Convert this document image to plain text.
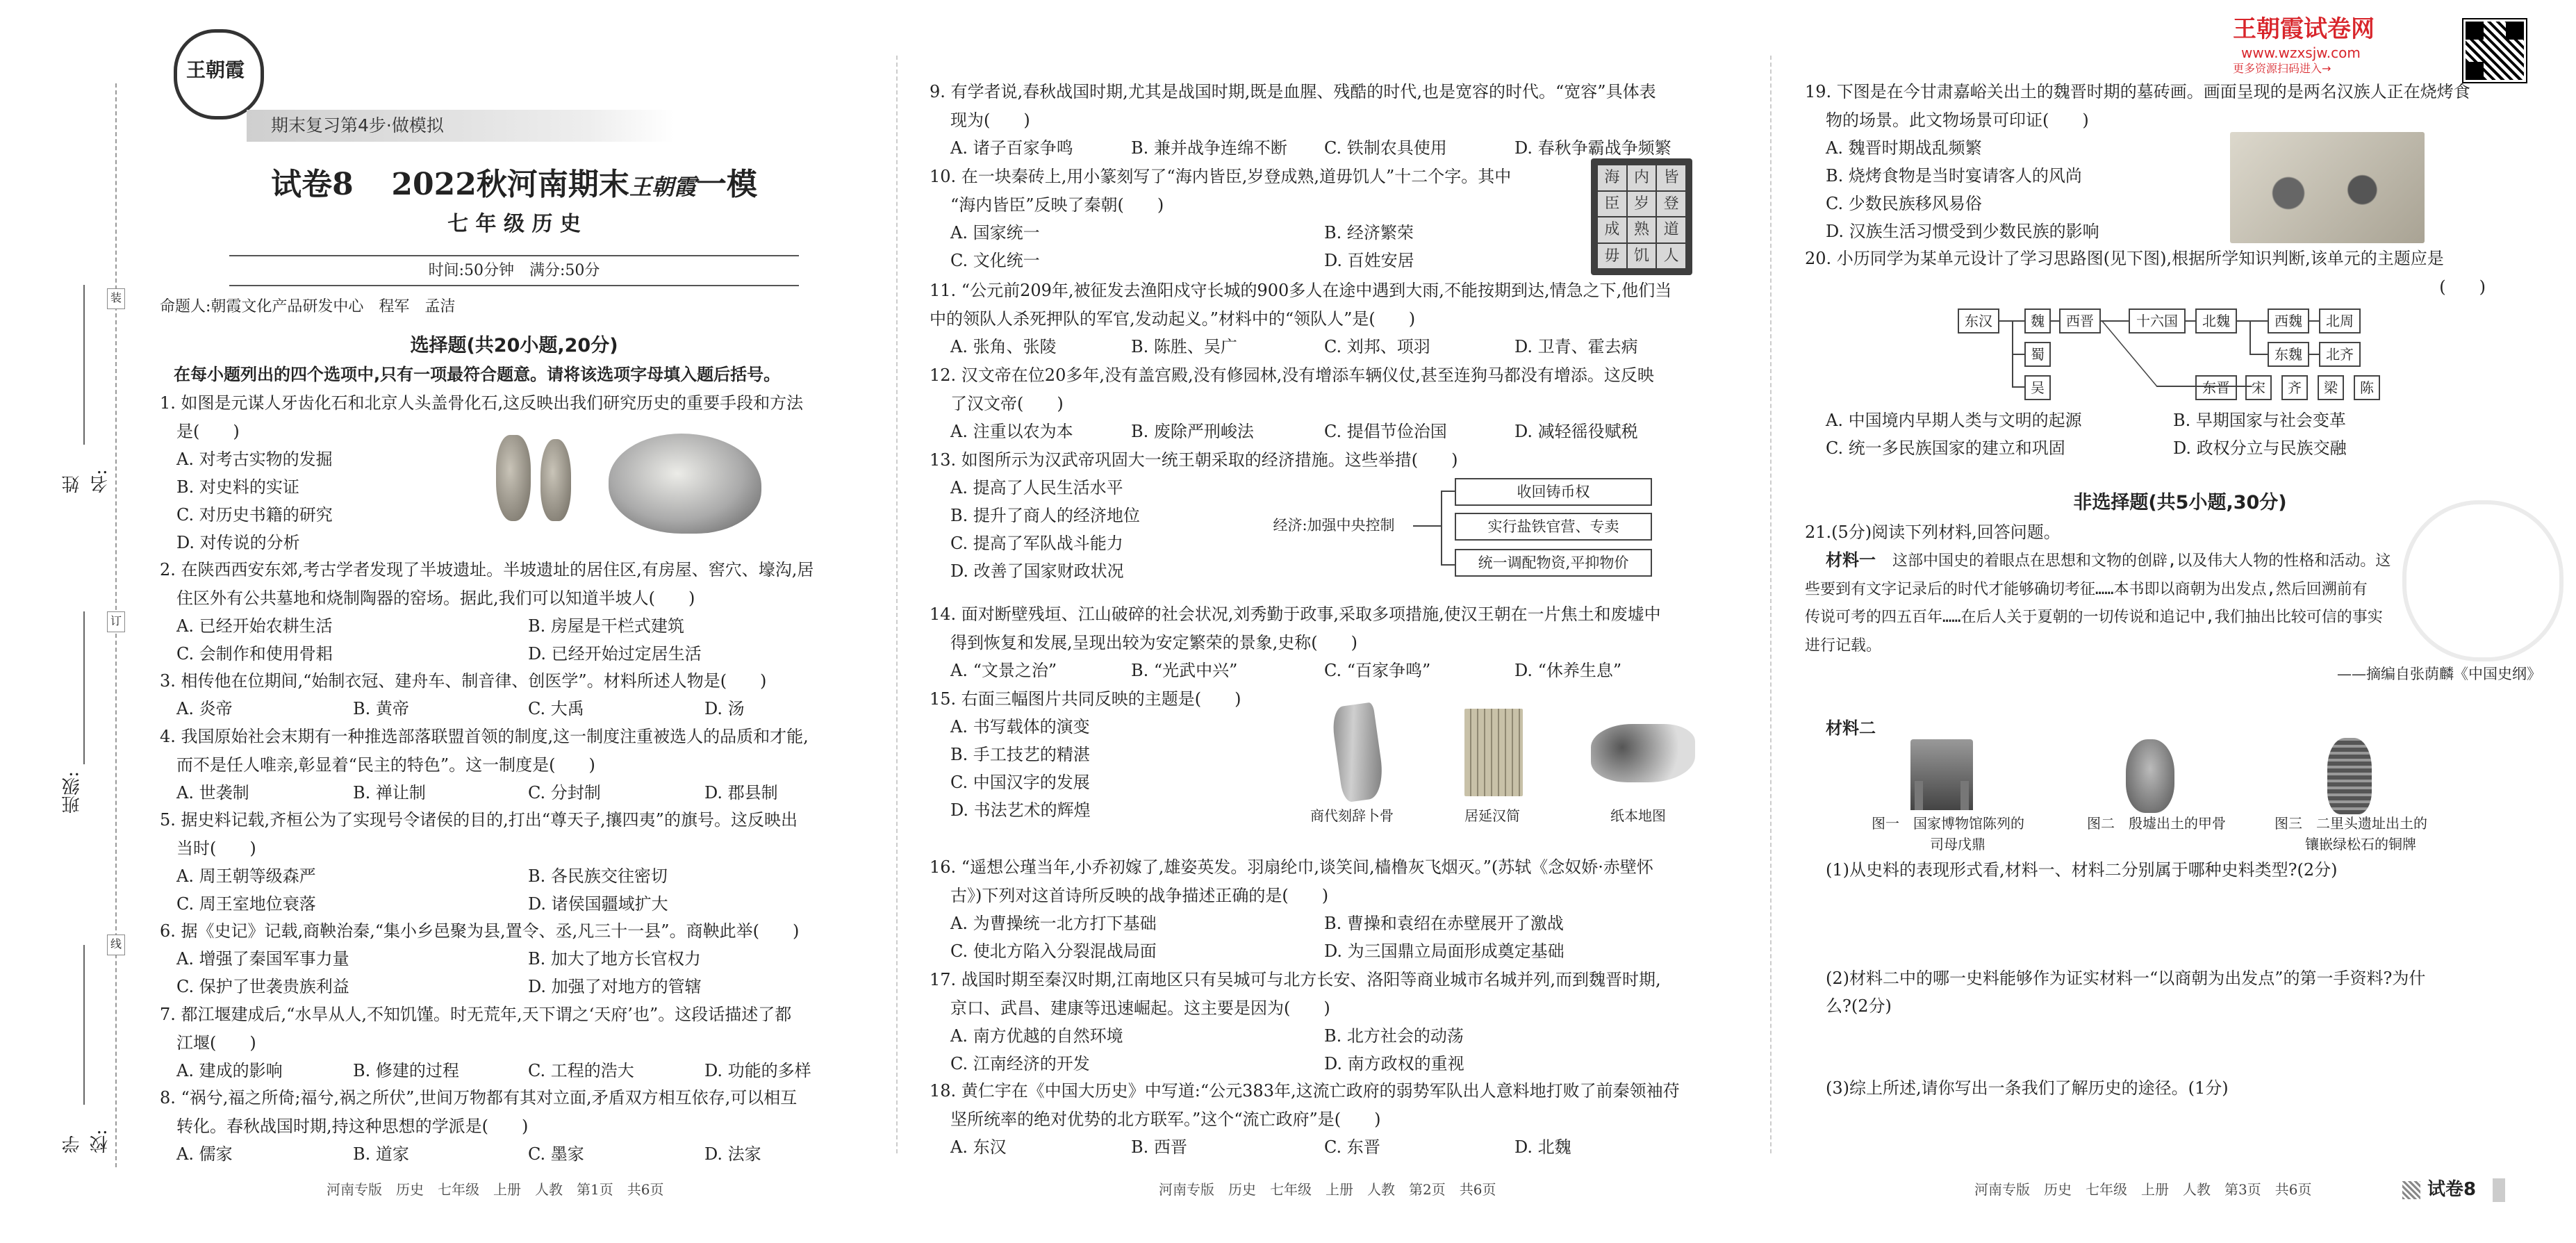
装
订
线
学校:
班级:
姓名:
王朝霞
期末复习第4步·做模拟
试卷8 2022秋河南期末王朝霞一模
七 年 级 历 史
时间:50分钟　满分:50分
命题人:朝霞文化产品研发中心　程军　孟洁
选择题(共20小题,20分)
在每小题列出的四个选项中,只有一项最符合题意。请将该选项字母填入题后括号。
1. 如图是元谋人牙齿化石和北京人头盖骨化石,这反映出我们研究历史的重要手段和方法
是(　　)
A. 对考古实物的发掘
B. 对史料的实证
C. 对历史书籍的研究
D. 对传说的分析
2. 在陕西西安东郊,考古学者发现了半坡遗址。半坡遗址的居住区,有房屋、窖穴、壕沟,居
住区外有公共墓地和烧制陶器的窑场。据此,我们可以知道半坡人(　　)
A. 已经开始农耕生活	B. 房屋是干栏式建筑
C. 会制作和使用骨耜	D. 已经开始过定居生活
3. 相传他在位期间,“始制衣冠、建舟车、制音律、创医学”。材料所述人物是(　　)
A. 炎帝	B. 黄帝	C. 大禹	D. 汤
4. 我国原始社会末期有一种推选部落联盟首领的制度,这一制度注重被选人的品质和才能,
而不是任人唯亲,彰显着“民主的特色”。这一制度是(　　)
A. 世袭制	B. 禅让制	C. 分封制	D. 郡县制
5. 据史料记载,齐桓公为了实现号令诸侯的目的,打出“尊天子,攘四夷”的旗号。这反映出
当时(　　)
A. 周王朝等级森严	B. 各民族交往密切
C. 周王室地位衰落	D. 诸侯国疆域扩大
6. 据《史记》记载,商鞅治秦,“集小乡邑聚为县,置令、丞,凡三十一县”。商鞅此举(　　)
A. 增强了秦国军事力量	B. 加大了地方长官权力
C. 保护了世袭贵族利益	D. 加强了对地方的管辖
7. 都江堰建成后,“水旱从人,不知饥馑。时无荒年,天下谓之‘天府’也”。这段话描述了都
江堰(　　)
A. 建成的影响	B. 修建的过程	C. 工程的浩大	D. 功能的多样
8. “祸兮,福之所倚;福兮,祸之所伏”,世间万物都有其对立面,矛盾双方相互依存,可以相互
转化。春秋战国时期,持这种思想的学派是(　　)
A. 儒家	B. 道家	C. 墨家	D. 法家
河南专版　历史　七年级　上册　人教　第1页　共6页
9. 有学者说,春秋战国时期,尤其是战国时期,既是血腥、残酷的时代,也是宽容的时代。“宽容”具体表
现为(　　)
A. 诸子百家争鸣	B. 兼并战争连绵不断 C. 铁制农具使用	D. 春秋争霸战争频繁
10. 在一块秦砖上,用小篆刻写了“海内皆臣,岁登成熟,道毋饥人”十二个字。其中
“海内皆臣”反映了秦朝(　　)
A. 国家统一	B. 经济繁荣
C. 文化统一	D. 百姓安居
海 内 皆
臣 岁 登
成 熟 道
毋 饥 人
11. “公元前209年,被征发去渔阳戍守长城的900多人在途中遇到大雨,不能按期到达,情急之下,他们当
中的领队人杀死押队的军官,发动起义。”材料中的“领队人”是(　　)
A. 张角、张陵	B. 陈胜、吴广	C. 刘邦、项羽	D. 卫青、霍去病
12. 汉文帝在位20多年,没有盖宫殿,没有修园林,没有增添车辆仪仗,甚至连狗马都没有增添。这反映
了汉文帝(　　)
A. 注重以农为本	B. 废除严刑峻法	C. 提倡节俭治国	D. 减轻徭役赋税
13. 如图所示为汉武帝巩固大一统王朝采取的经济措施。这些举措(　　)
A. 提高了人民生活水平
B. 提升了商人的经济地位
C. 提高了军队战斗能力
D. 改善了国家财政状况
经济:加强中央控制
收回铸币权
实行盐铁官营、专卖
统一调配物资,平抑物价
14. 面对断壁残垣、江山破碎的社会状况,刘秀勤于政事,采取多项措施,使汉王朝在一片焦土和废墟中
得到恢复和发展,呈现出较为安定繁荣的景象,史称(　　)
A. “文景之治”	B. “光武中兴”	C. “百家争鸣”	D. “休养生息”
15. 右面三幅图片共同反映的主题是(　　)
A. 书写载体的演变
B. 手工技艺的精湛
C. 中国汉字的发展
D. 书法艺术的辉煌	商代刻辞卜骨	居延汉简	纸本地图
16. “遥想公瑾当年,小乔初嫁了,雄姿英发。羽扇纶巾,谈笑间,樯橹灰飞烟灭。”(苏轼《念奴娇·赤壁怀
古》)下列对这首诗所反映的战争描述正确的是(　　)
A. 为曹操统一北方打下基础	B. 曹操和袁绍在赤壁展开了激战
C. 使北方陷入分裂混战局面	D. 为三国鼎立局面形成奠定基础
17. 战国时期至秦汉时期,江南地区只有吴城可与北方长安、洛阳等商业城市名城并列,而到魏晋时期,
京口、武昌、建康等迅速崛起。这主要是因为(　　)
A. 南方优越的自然环境	B. 北方社会的动荡
C. 江南经济的开发	D. 南方政权的重视
18. 黄仁宇在《中国大历史》中写道:“公元383年,这流亡政府的弱势军队出人意料地打败了前秦领袖苻
坚所统率的绝对优势的北方联军。”这个“流亡政府”是(　　)
A. 东汉	B. 西晋	C. 东晋	D. 北魏
河南专版　历史　七年级　上册　人教　第2页　共6页
王朝霞试卷网
www.wzxsjw.com
更多资源扫码进入→
19. 下图是在今甘肃嘉峪关出土的魏晋时期的墓砖画。画面呈现的是两名汉族人正在烧烤食
物的场景。此文物场景可印证(　　)
A. 魏晋时期战乱频繁
B. 烧烤食物是当时宴请客人的风尚
C. 少数民族移风易俗
D. 汉族生活习惯受到少数民族的影响
20. 小历同学为某单元设计了学习思路图(见下图),根据所学知识判断,该单元的主题应是
(　　)
东汉	魏	西晋	十六国	北魏
东魏	北齐
西魏	北周
蜀
吴	东晋	宋	齐	梁	陈
A. 中国境内早期人类与文明的起源	B. 早期国家与社会变革
C. 统一多民族国家的建立和巩固	D. 政权分立与民族交融
非选择题(共5小题,30分)
21.(5分)阅读下列材料,回答问题。
材料一　 这部中国史的着眼点在思想和文物的创辟,以及伟大人物的性格和活动。这
些要到有文字记录后的时代才能够确切考征……本书即以商朝为出发点,然后回溯前有
传说可考的四五百年……在后人关于夏朝的一切传说和追记中,我们抽出比较可信的事实
进行记载。
——摘编自张荫麟《中国史纲》
材料二
图一　国家博物馆陈列的
司母戊鼎
图二　殷墟出土的甲骨	图三　二里头遗址出土的
镶嵌绿松石的铜牌
(1)从史料的表现形式看,材料一、材料二分别属于哪种史料类型?(2分)
(2)材料二中的哪一史料能够作为证实材料一“以商朝为出发点”的第一手资料?为什
么?(2分)
(3)综上所述,请你写出一条我们了解历史的途径。(1分)
河南专版　历史　七年级　上册　人教　第3页　共6页	试卷8
